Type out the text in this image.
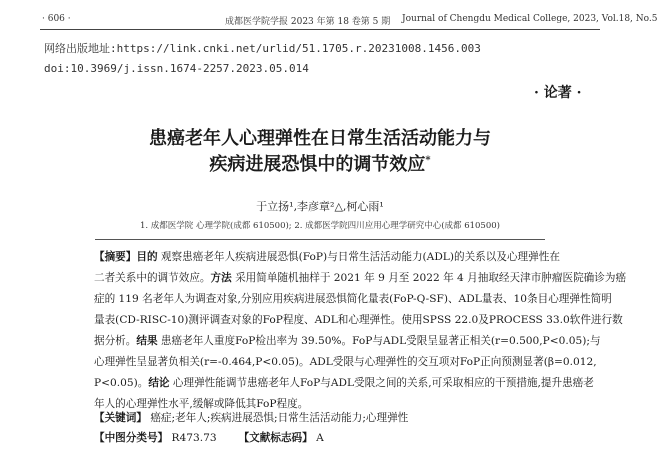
· 606 ·	成都医学院学报 2023 年第 18 卷第 5 期 Journal of Chengdu Medical College, 2023, Vol.18, No.5
网络出版地址:https://link.cnki.net/urlid/51.1705.r.20231008.1456.003
doi:10.3969/j.issn.1674-2257.2023.05.014
· 论著 ·
患癌老年人心理弹性在日常生活活动能力与
疾病进展恐惧中的调节效应*
于立扬¹,李彦章²△,柯心雨¹
1. 成都医学院 心理学院(成都 610500); 2. 成都医学院四川应用心理学研究中心(成都 610500)
【摘要】目的 观察患癌老年人疾病进展恐惧(FoP)与日常生活活动能力(ADL)的关系以及心理弹性在
二者关系中的调节效应。方法 采用简单随机抽样于 2021 年 9 月至 2022 年 4 月抽取经天津市肿瘤医院确诊为癌
症的 119 名老年人为调查对象,分别应用疾病进展恐惧简化量表(FoP-Q-SF)、ADL量表、10条目心理弹性简明
量表(CD-RISC-10)测评调查对象的FoP程度、ADL和心理弹性。使用SPSS 22.0及PROCESS 33.0软件进行数
据分析。结果 患癌老年人重度FoP检出率为 39.50%。FoP与ADL受限呈显著正相关(r=0.500,P<0.05);与
心理弹性呈显著负相关(r=-0.464,P<0.05)。ADL受限与心理弹性的交互项对FoP正向预测显著(β=0.012,
P<0.05)。结论 心理弹性能调节患癌老年人FoP与ADL受限之间的关系,可采取相应的干预措施,提升患癌老
年人的心理弹性水平,缓解或降低其FoP程度。
【关键词】 癌症;老年人;疾病进展恐惧;日常生活活动能力;心理弹性
【中图分类号】 R473.73 【文献标志码】 A
